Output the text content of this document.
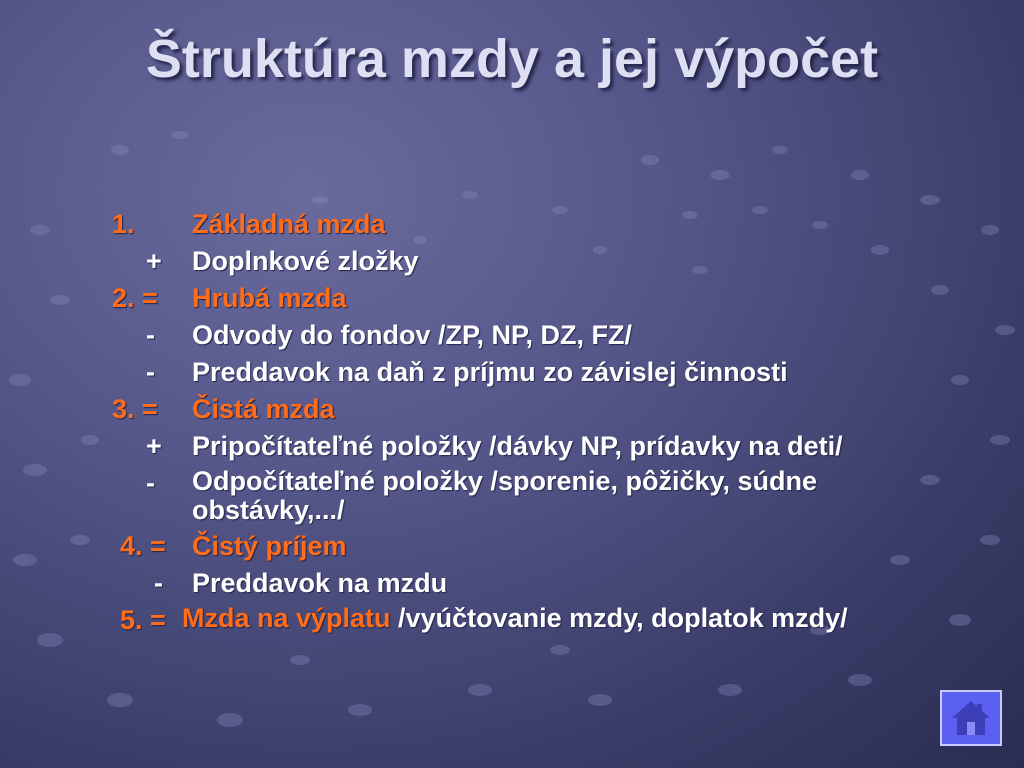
Štruktúra mzdy a jej výpočet
1.	Základná mzda
+	Doplnkové zložky
2. =	Hrubá mzda
-	Odvody do fondov /ZP, NP, DZ, FZ/
-	Preddavok na daň z príjmu zo závislej činnosti
3. =	Čistá mzda
+	Pripočítateľné položky /dávky NP, prídavky na deti/
-	Odpočítateľné položky /sporenie, pôžičky, súdne obstávky,.../
4. = Čistý príjem
-	Preddavok na mzdu
5. = Mzda na výplatu /vyúčtovanie mzdy, doplatok mzdy/
